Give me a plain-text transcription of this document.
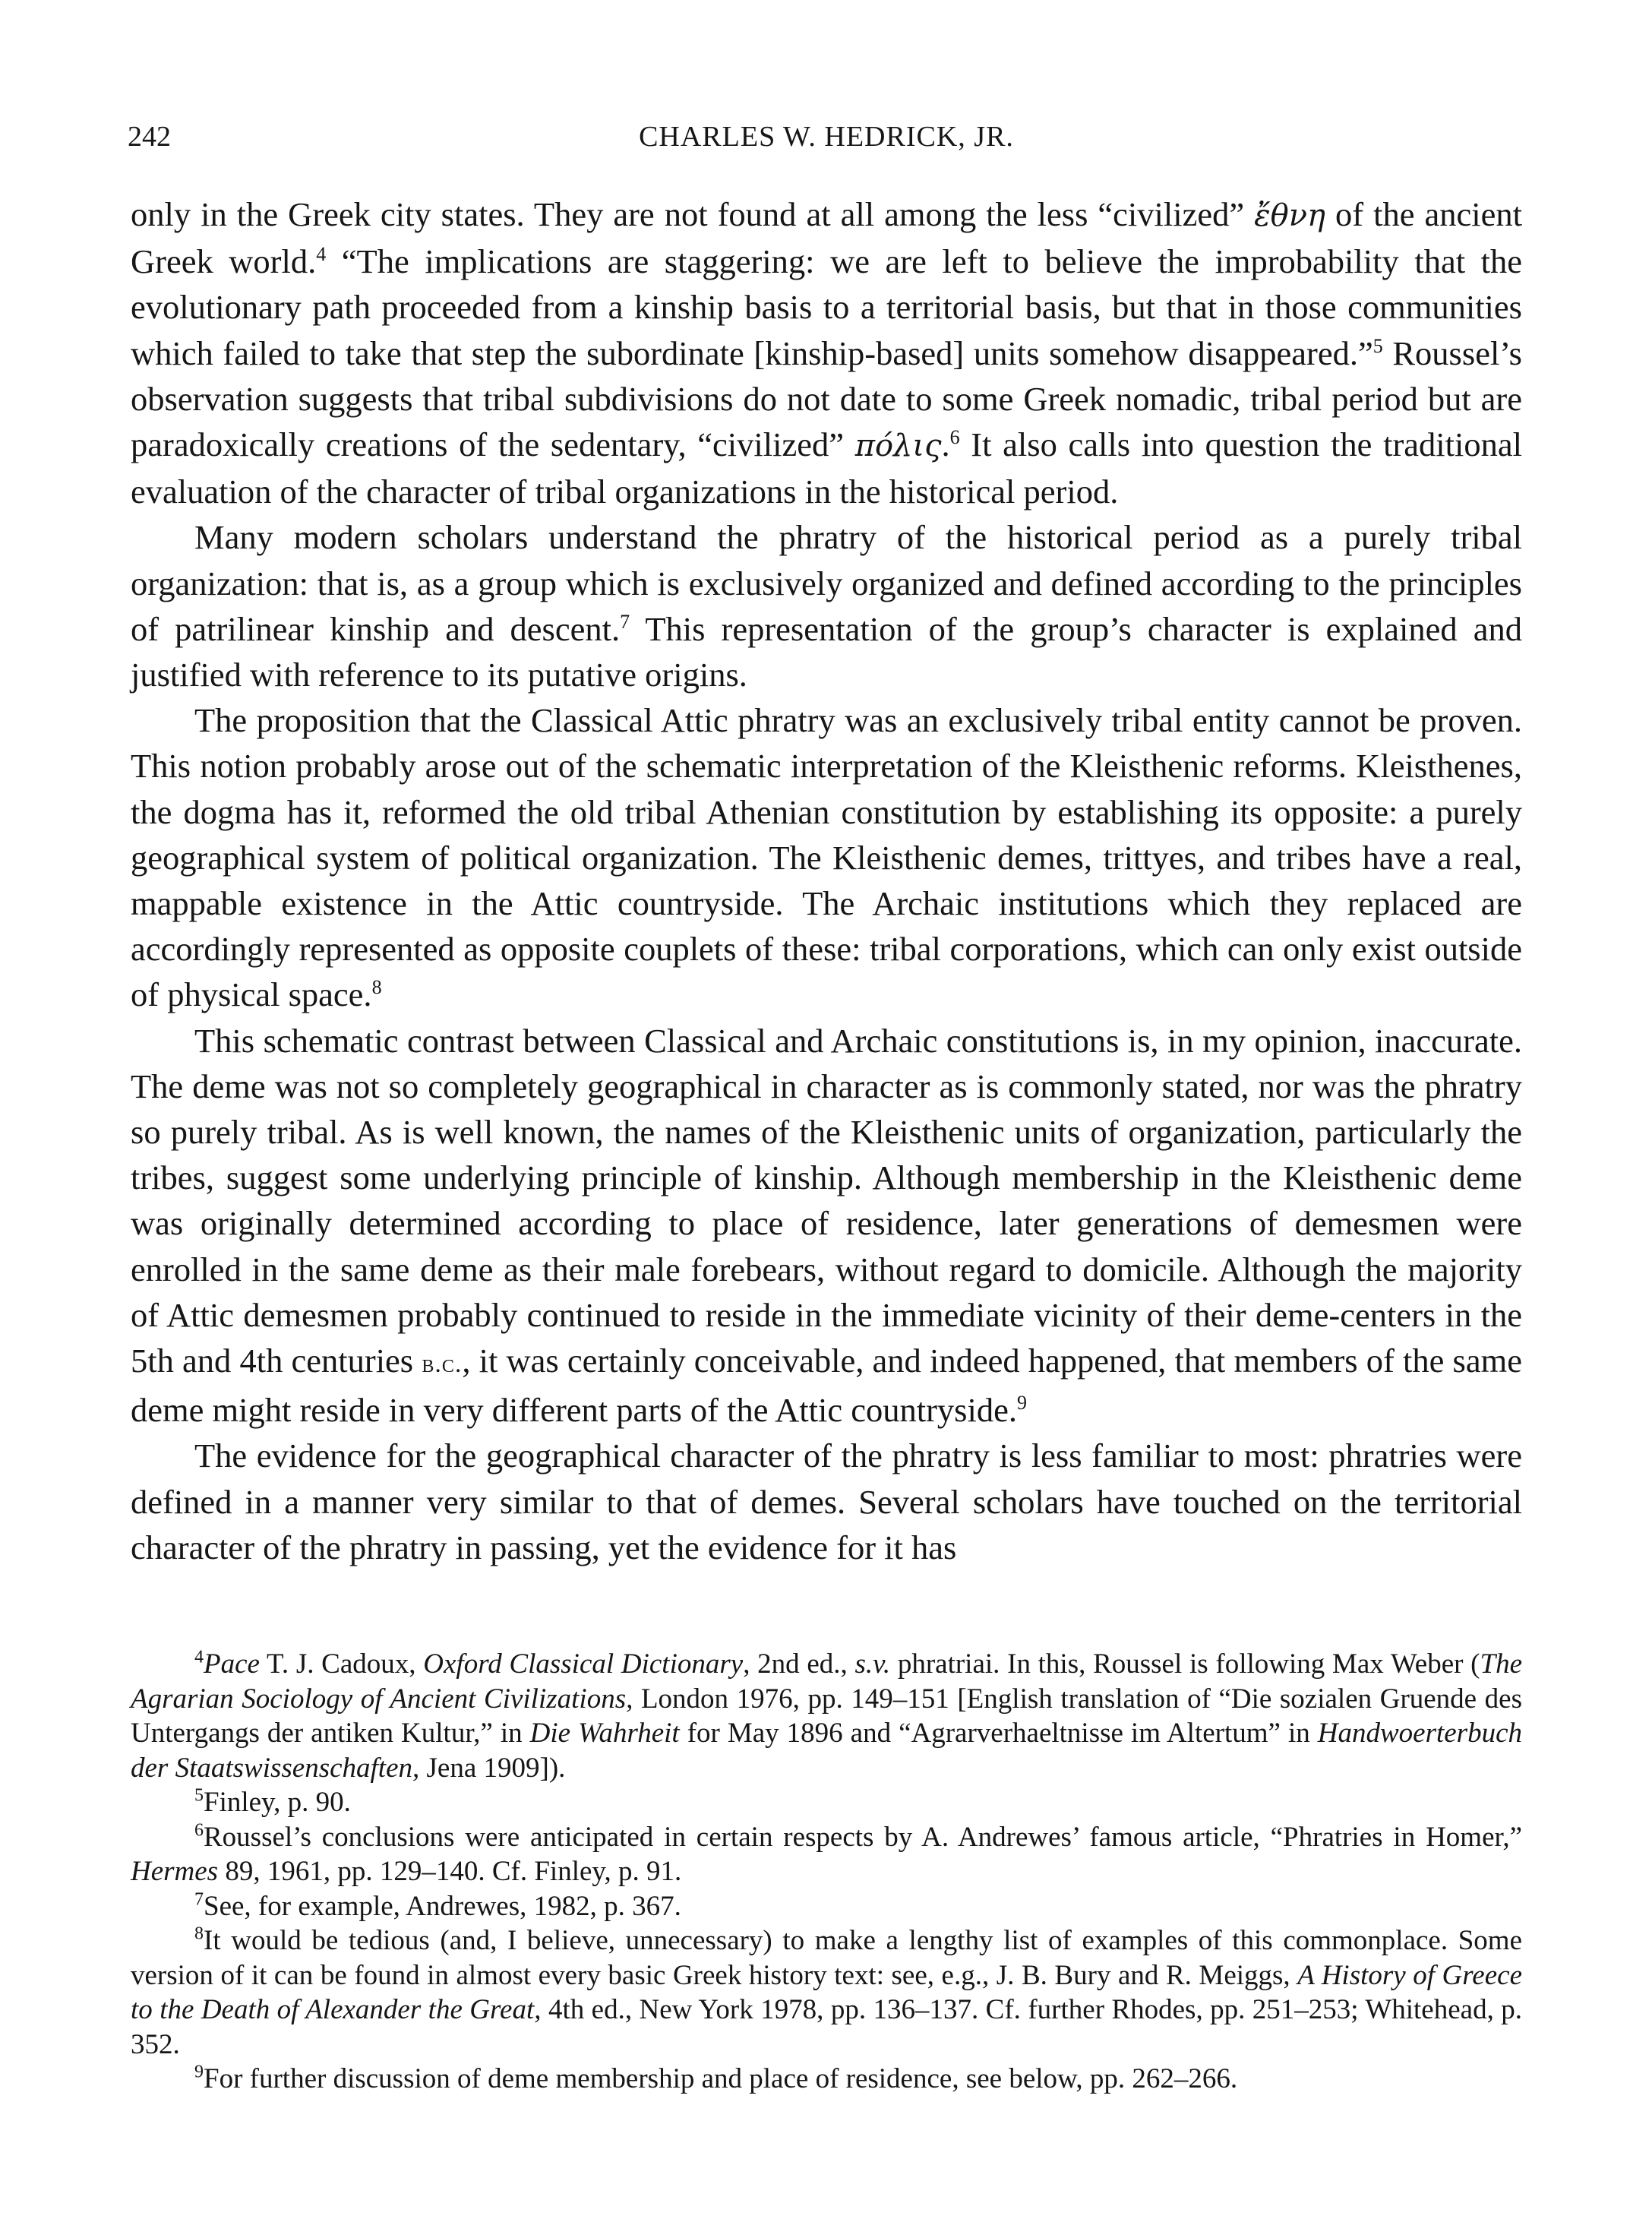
242	CHARLES W. HEDRICK, JR.

only in the Greek city states. They are not found at all among the less “civilized” ἔθνη of the ancient Greek world.$^4$ “The implications are staggering: we are left to believe the improbability that the evolutionary path proceeded from a kinship basis to a territorial basis, but that in those communities which failed to take that step the subordinate [kinship-based] units somehow disappeared.”$^5$ Roussel’s observation suggests that tribal subdivisions do not date to some Greek nomadic, tribal period but are paradoxically creations of the sedentary, “civilized” πόλις.$^6$ It also calls into question the traditional evaluation of the character of tribal organizations in the historical period.

Many modern scholars understand the phratry of the historical period as a purely tribal organization: that is, as a group which is exclusively organized and defined according to the principles of patrilinear kinship and descent.$^7$ This representation of the group’s character is explained and justified with reference to its putative origins.

The proposition that the Classical Attic phratry was an exclusively tribal entity cannot be proven. This notion probably arose out of the schematic interpretation of the Kleisthenic reforms. Kleisthenes, the dogma has it, reformed the old tribal Athenian constitution by establishing its opposite: a purely geographical system of political organization. The Kleisthenic demes, trittyes, and tribes have a real, mappable existence in the Attic countryside. The Archaic institutions which they replaced are accordingly represented as opposite couplets of these: tribal corporations, which can only exist outside of physical space.$^8$

This schematic contrast between Classical and Archaic constitutions is, in my opinion, inaccurate. The deme was not so completely geographical in character as is commonly stated, nor was the phratry so purely tribal. As is well known, the names of the Kleisthenic units of organization, particularly the tribes, suggest some underlying principle of kinship. Although membership in the Kleisthenic deme was originally determined according to place of residence, later generations of demesmen were enrolled in the same deme as their male forebears, without regard to domicile. Although the majority of Attic demesmen probably continued to reside in the immediate vicinity of their deme-centers in the 5th and 4th centuries b.c., it was certainly conceivable, and indeed happened, that members of the same deme might reside in very different parts of the Attic countryside.$^9$

The evidence for the geographical character of the phratry is less familiar to most: phratries were defined in a manner very similar to that of demes. Several scholars have touched on the territorial character of the phratry in passing, yet the evidence for it has

$^4$Pace T. J. Cadoux, Oxford Classical Dictionary, 2nd ed., s.v. phratriai. In this, Roussel is following Max Weber (The Agrarian Sociology of Ancient Civilizations, London 1976, pp. 149–151 [English translation of “Die sozialen Gruende des Untergangs der antiken Kultur,” in Die Wahrheit for May 1896 and “Agrarverhaeltnisse im Altertum” in Handwoerterbuch der Staatswissenschaften, Jena 1909]).

$^5$Finley, p. 90.

$^6$Roussel’s conclusions were anticipated in certain respects by A. Andrewes’ famous article, “Phratries in Homer,” Hermes 89, 1961, pp. 129–140. Cf. Finley, p. 91.

$^7$See, for example, Andrewes, 1982, p. 367.

$^8$It would be tedious (and, I believe, unnecessary) to make a lengthy list of examples of this commonplace. Some version of it can be found in almost every basic Greek history text: see, e.g., J. B. Bury and R. Meiggs, A History of Greece to the Death of Alexander the Great, 4th ed., New York 1978, pp. 136–137. Cf. further Rhodes, pp. 251–253; Whitehead, p. 352.

$^9$For further discussion of deme membership and place of residence, see below, pp. 262–266.
